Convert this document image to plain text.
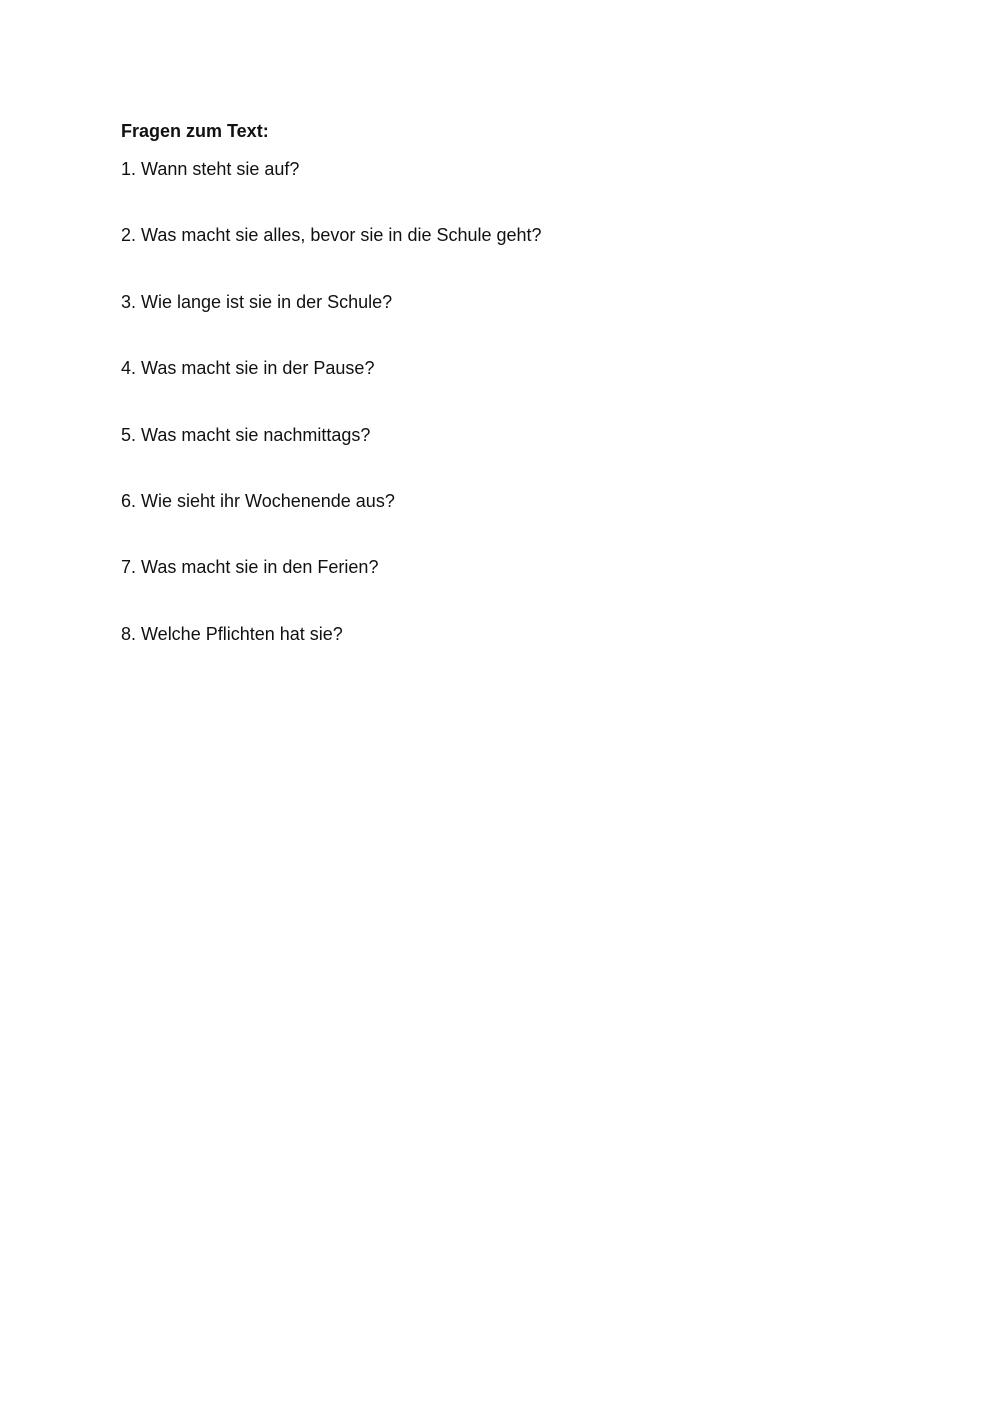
Fragen zum Text:
1. Wann steht sie auf?
2. Was macht sie alles, bevor sie in die Schule geht?
3. Wie lange ist sie in der Schule?
4. Was macht sie in der Pause?
5. Was macht sie nachmittags?
6. Wie sieht ihr Wochenende aus?
7. Was macht sie in den Ferien?
8. Welche Pflichten hat sie?
